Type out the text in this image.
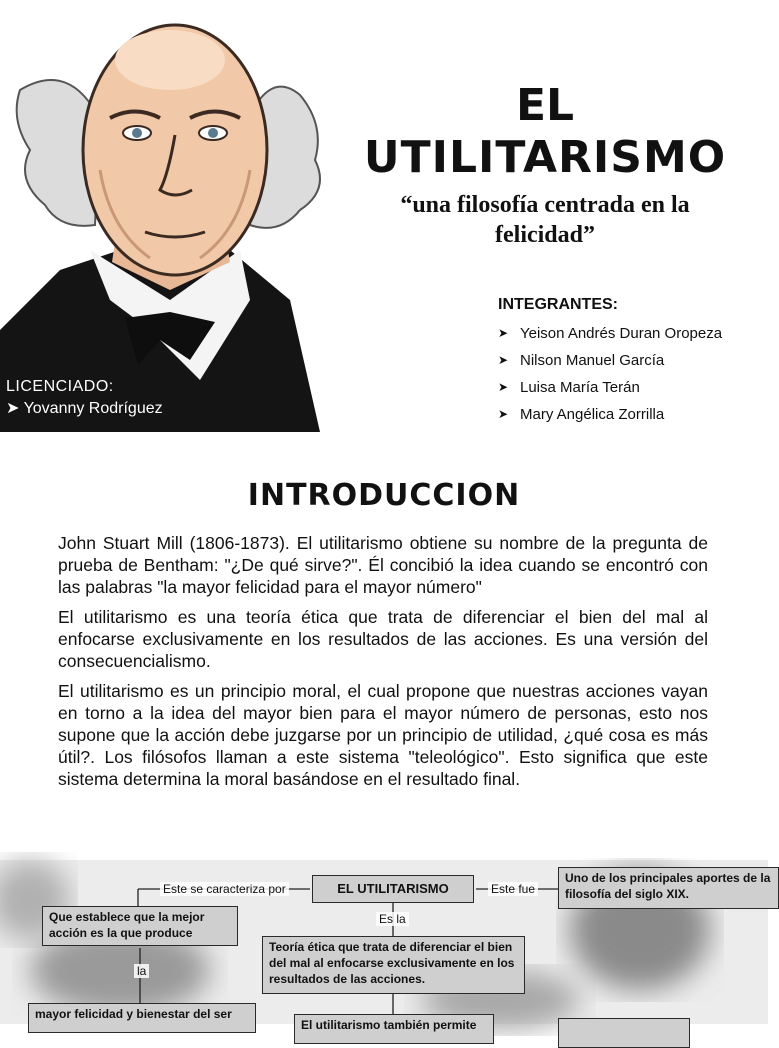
LICENCIADO:
➤ Yovanny Rodríguez
EL
UTILITARISMO
“una filosofía centrada en la felicidad”
INTEGRANTES:
➤ Yeison Andrés Duran Oropeza
➤ Nilson Manuel García
➤ Luisa María Terán
➤ Mary Angélica Zorrilla
INTRODUCCION

John Stuart Mill (1806-1873). El utilitarismo obtiene su nombre de la pregunta de prueba de Bentham: "¿De qué sirve?". Él concibió la idea cuando se encontró con las palabras "la mayor felicidad para el mayor número"

El utilitarismo es una teoría ética que trata de diferenciar el bien del mal al enfocarse exclusivamente en los resultados de las acciones. Es una versión del consecuencialismo.

El utilitarismo es un principio moral, el cual propone que nuestras acciones vayan en torno a la idea del mayor bien para el mayor número de personas, esto nos supone que la acción debe juzgarse por un principio de utilidad, ¿qué cosa es más útil?. Los filósofos llaman a este sistema "teleológico". Esto significa que este sistema determina la moral basándose en el resultado final.

Este se caracteriza por	EL UTILITARISMO	Este fue
Uno de los principales aportes de la filosofía del siglo XIX.
Que establece que la mejor acción es la que produce
Es la
Teoría ética que trata de diferenciar el bien del mal al enfocarse exclusivamente en los resultados de las acciones.
la
mayor felicidad y bienestar del ser
El utilitarismo también permite
